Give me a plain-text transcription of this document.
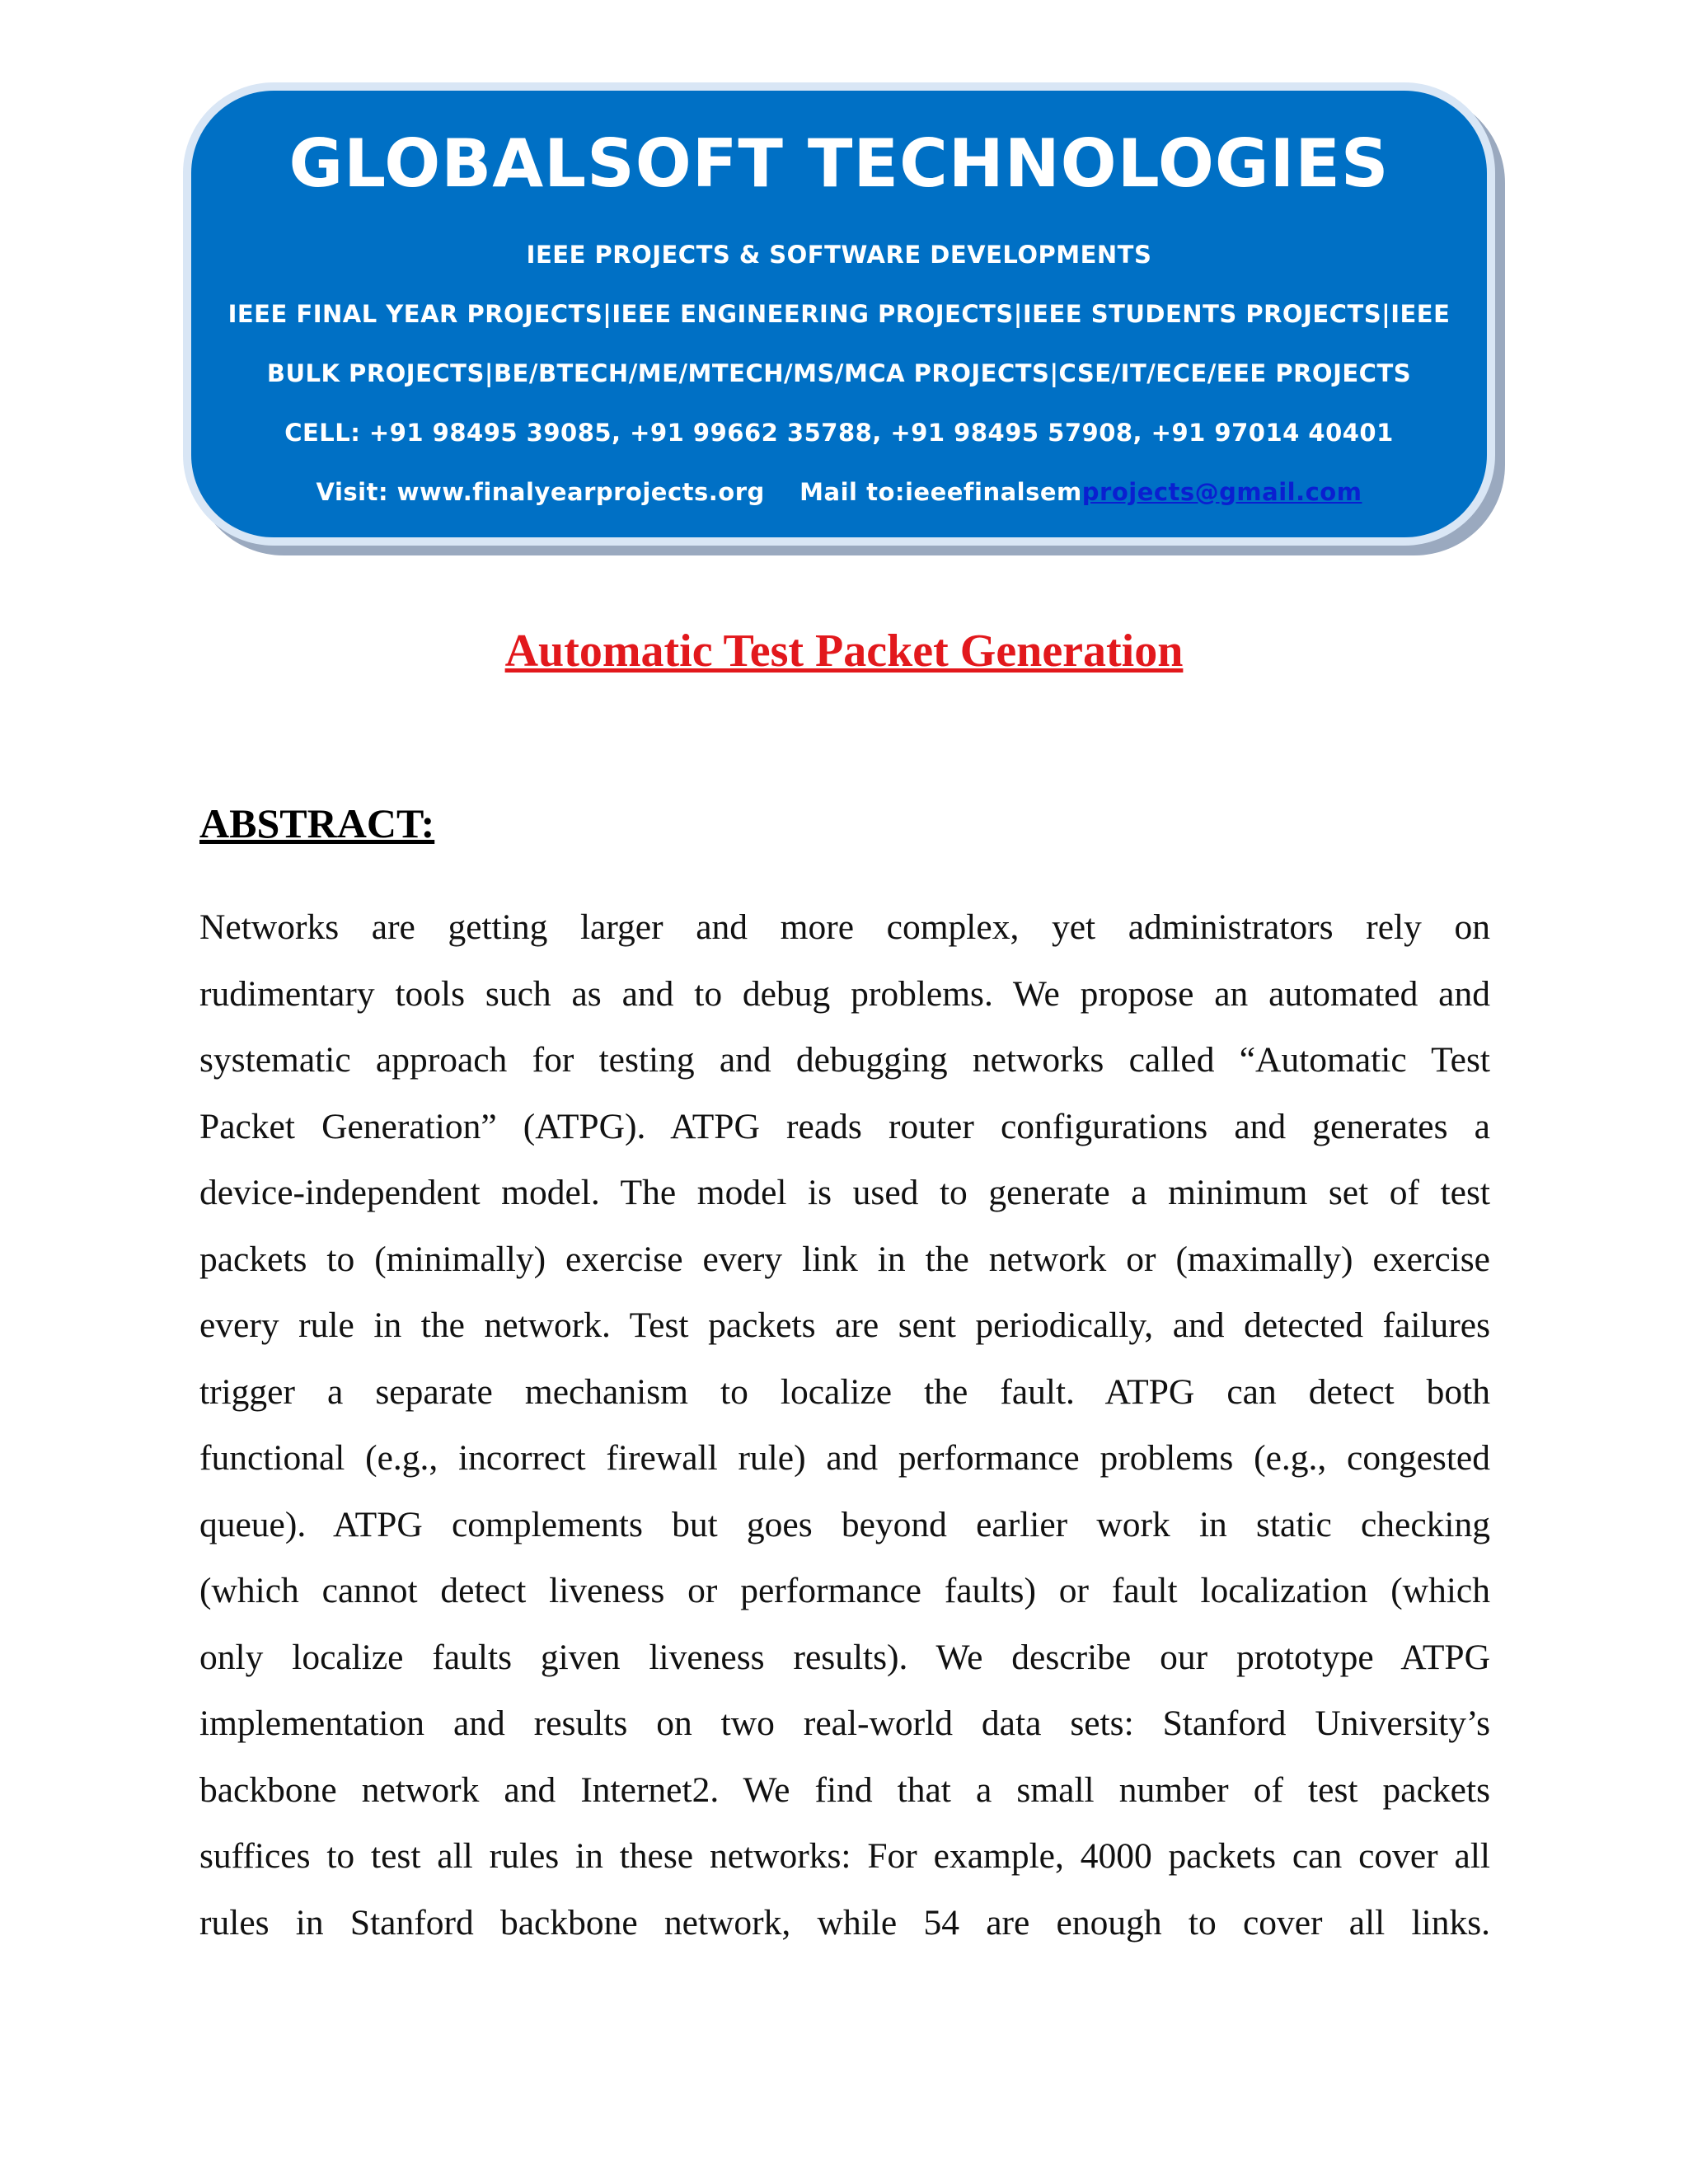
GLOBALSOFT TECHNOLOGIES
IEEE PROJECTS & SOFTWARE DEVELOPMENTS
IEEE FINAL YEAR PROJECTS|IEEE ENGINEERING PROJECTS|IEEE STUDENTS PROJECTS|IEEE
BULK PROJECTS|BE/BTECH/ME/MTECH/MS/MCA PROJECTS|CSE/IT/ECE/EEE PROJECTS
CELL: +91 98495 39085, +91 99662 35788, +91 98495 57908, +91 97014 40401
Visit: www.finalyearprojects.org Mail to:ieeefinalsemprojects@gmail.com
Automatic Test Packet Generation
ABSTRACT:
Networks are getting larger and more complex, yet administrators rely on
rudimentary tools such as and to debug problems. We propose an automated and
systematic approach for testing and debugging networks called “Automatic Test
Packet Generation” (ATPG). ATPG reads router configurations and generates a
device-independent model. The model is used to generate a minimum set of test
packets to (minimally) exercise every link in the network or (maximally) exercise
every rule in the network. Test packets are sent periodically, and detected failures
trigger a separate mechanism to localize the fault. ATPG can detect both
functional (e.g., incorrect firewall rule) and performance problems (e.g., congested
queue). ATPG complements but goes beyond earlier work in static checking
(which cannot detect liveness or performance faults) or fault localization (which
only localize faults given liveness results). We describe our prototype ATPG
implementation and results on two real-world data sets: Stanford University’s
backbone network and Internet2. We find that a small number of test packets
suffices to test all rules in these networks: For example, 4000 packets can cover all
rules in Stanford backbone network, while 54 are enough to cover all links.
